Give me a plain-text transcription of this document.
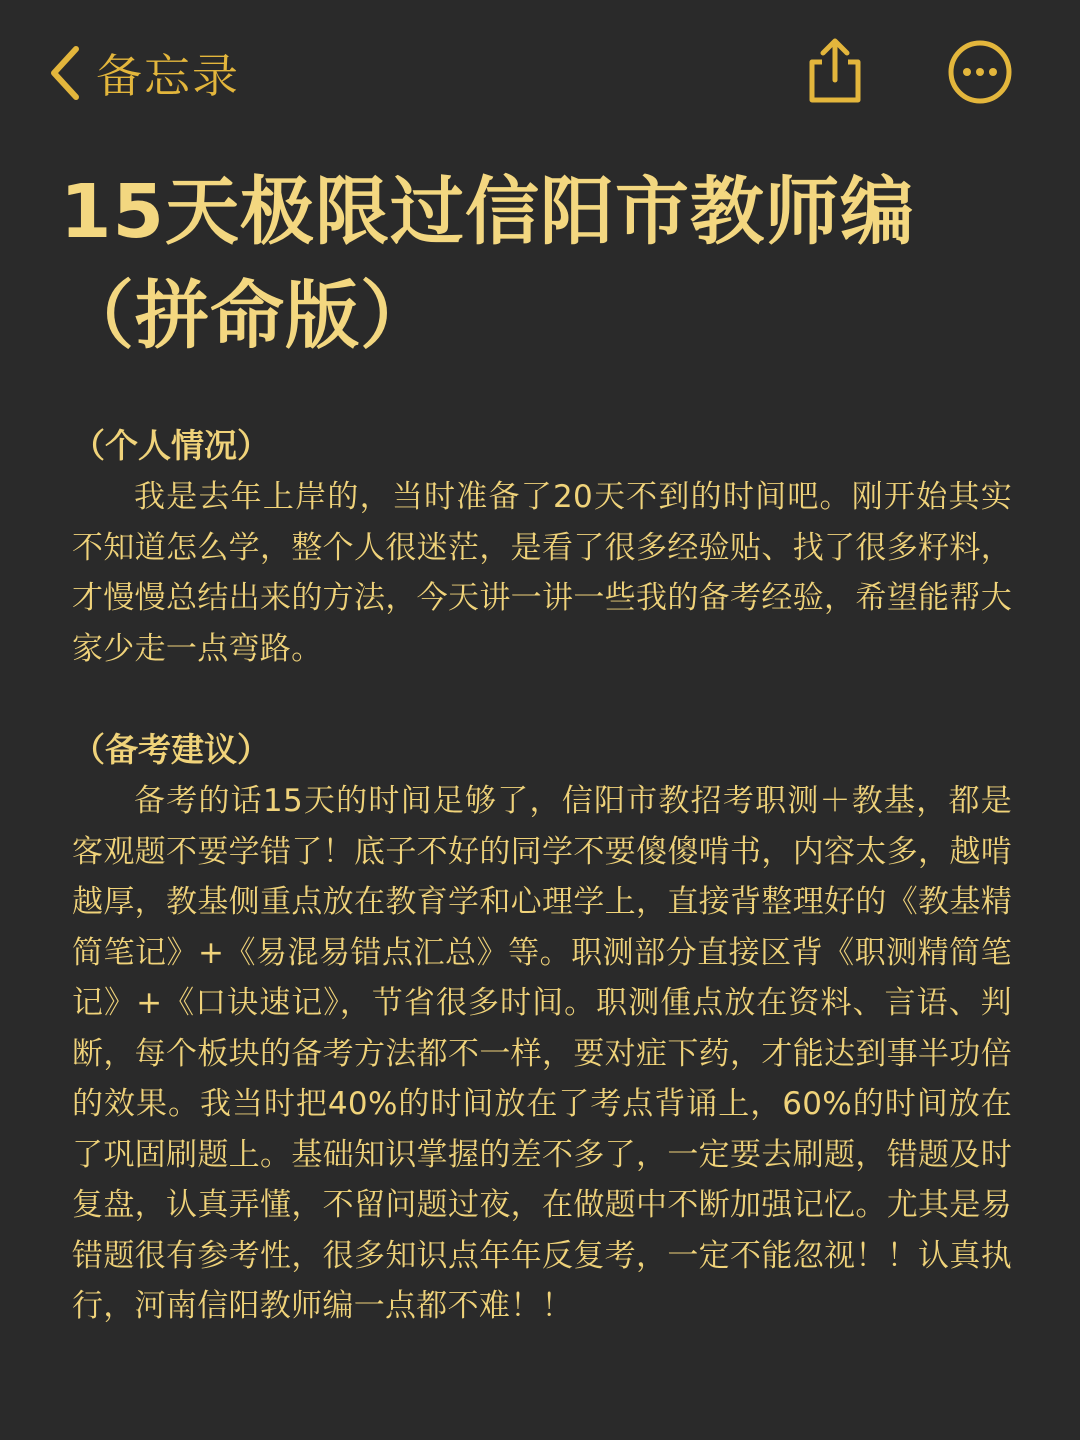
备忘录
15天极限过信阳市教师编（拼命版）

（个人情况）

我是去年上岸的，当时准备了20天不到的时间吧。刚开始其实不知道怎么学，整个人很迷茫，是看了很多经验贴、找了很多籽料，才慢慢总结出来的方法，今天讲一讲一些我的备考经验，希望能帮大家少走一点弯路。

（备考建议）

备考的话15天的时间足够了，信阳市教招考职测＋教基，都是客观题不要学错了！底子不好的同学不要傻傻啃书，内容太多，越啃越厚，教基侧重点放在教育学和心理学上，直接背整理好的《教基精简笔记》+《易混易错点汇总》等。职测部分直接区背《职测精简笔记》+《口诀速记》，节省很多时间。职测偅点放在资料、言语、判断，每个板块的备考方法都不一样，要对症下药，才能达到事半功倍的效果。我当时把40%的时间放在了考点背诵上，60%的时间放在了巩固刷题上。基础知识掌握的差不多了，一定要去刷题，错题及时复盘，认真弄懂，不留问题过夜，在做题中不断加强记忆。尤其是易错题很有参考性，很多知识点年年反复考，一定不能忽视！！认真执行，河南信阳教师编一点都不难！！
